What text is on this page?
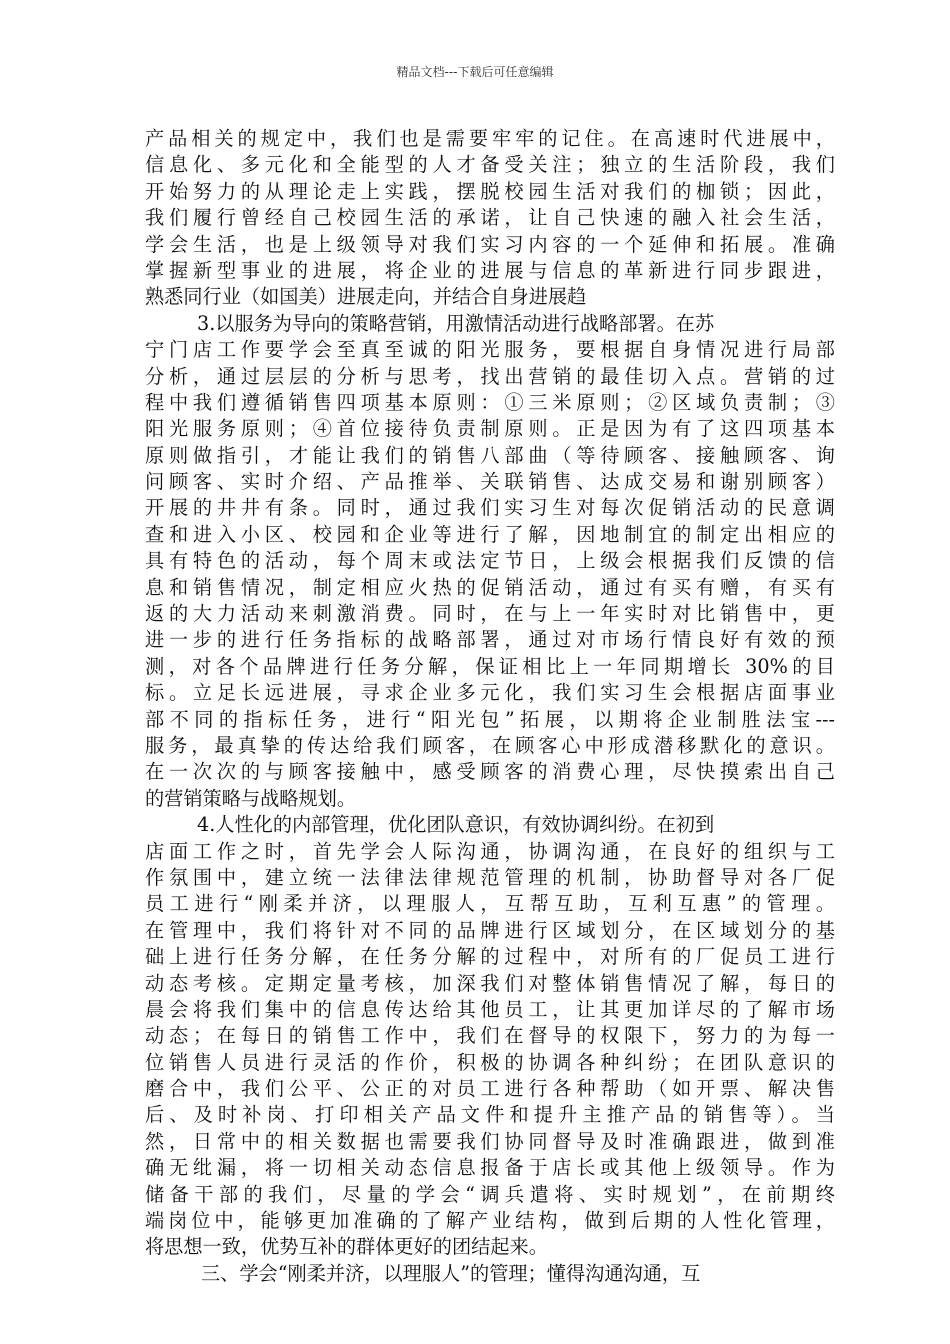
精品文档---下载后可任意编辑
产品相关的规定中，我们也是需要牢牢的记住。在高速时代进展中，
信息化、多元化和全能型的人才备受关注；独立的生活阶段，我们
开始努力的从理论走上实践，摆脱校园生活对我们的枷锁；因此，
我们履行曾经自己校园生活的承诺，让自己快速的融入社会生活，
学会生活，也是上级领导对我们实习内容的一个延伸和拓展。准确
掌握新型事业的进展，将企业的进展与信息的革新进行同步跟进，
熟悉同行业（如国美）进展走向，并结合自身进展趋
3.以服务为导向的策略营销，用激情活动进行战略部署。在苏
宁门店工作要学会至真至诚的阳光服务，要根据自身情况进行局部
分析，通过层层的分析与思考，找出营销的最佳切入点。营销的过
程中我们遵循销售四项基本原则：①三米原则；②区域负责制；③
阳光服务原则；④首位接待负责制原则。正是因为有了这四项基本
原则做指引，才能让我们的销售八部曲（等待顾客、接触顾客、询
问顾客、实时介绍、产品推举、关联销售、达成交易和谢别顾客）
开展的井井有条。同时，通过我们实习生对每次促销活动的民意调
查和进入小区、校园和企业等进行了解，因地制宜的制定出相应的
具有特色的活动，每个周末或法定节日，上级会根据我们反馈的信
息和销售情况，制定相应火热的促销活动，通过有买有赠，有买有
返的大力活动来刺激消费。同时，在与上一年实时对比销售中，更
进一步的进行任务指标的战略部署，通过对市场行情良好有效的预
测，对各个品牌进行任务分解，保证相比上一年同期增长 30%的目
标。立足长远进展，寻求企业多元化，我们实习生会根据店面事业
部不同的指标任务，进行“阳光包”拓展，以期将企业制胜法宝---
服务，最真挚的传达给我们顾客，在顾客心中形成潜移默化的意识。
在一次次的与顾客接触中，感受顾客的消费心理，尽快摸索出自己
的营销策略与战略规划。
4.人性化的内部管理，优化团队意识，有效协调纠纷。在初到
店面工作之时，首先学会人际沟通，协调沟通，在良好的组织与工
作氛围中，建立统一法律法律规范管理的机制，协助督导对各厂促
员工进行“刚柔并济，以理服人，互帮互助，互利互惠”的管理。
在管理中，我们将针对不同的品牌进行区域划分，在区域划分的基
础上进行任务分解，在任务分解的过程中，对所有的厂促员工进行
动态考核。定期定量考核，加深我们对整体销售情况了解，每日的
晨会将我们集中的信息传达给其他员工，让其更加详尽的了解市场
动态；在每日的销售工作中，我们在督导的权限下，努力的为每一
位销售人员进行灵活的作价，积极的协调各种纠纷；在团队意识的
磨合中，我们公平、公正的对员工进行各种帮助（如开票、解决售
后、及时补岗、打印相关产品文件和提升主推产品的销售等）。当
然，日常中的相关数据也需要我们协同督导及时准确跟进，做到准
确无纰漏，将一切相关动态信息报备于店长或其他上级领导。作为
储备干部的我们，尽量的学会“调兵遣将、实时规划”，在前期终
端岗位中，能够更加准确的了解产业结构，做到后期的人性化管理，
将思想一致，优势互补的群体更好的团结起来。
三、学会“刚柔并济，以理服人”的管理；懂得沟通沟通，互
